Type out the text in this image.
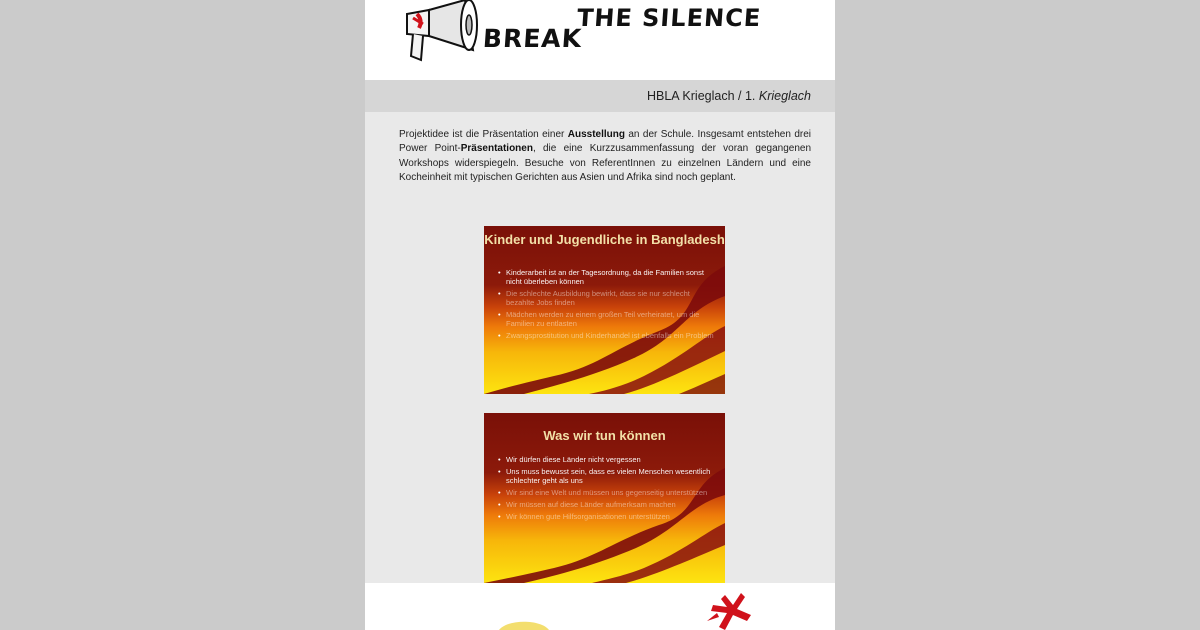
BREAK
THE SILENCE
HBLA Krieglach / 1. Krieglach
Projektidee ist die Präsentation einer Ausstellung an der Schule. Insgesamt entstehen drei Power Point-Präsentationen, die eine Kurzzusammenfassung der voran gegangenen Workshops widerspiegeln. Besuche von ReferentInnen zu einzelnen Ländern und eine Kocheinheit mit typischen Gerichten aus Asien und Afrika sind noch geplant.
Kinder und Jugendliche in Bangladesh
• Kinderarbeit ist an der Tagesordnung, da die Familien sonst nicht überleben können
• Die schlechte Ausbildung bewirkt, dass sie nur schlecht bezahlte Jobs finden
• Mädchen werden zu einem großen Teil verheiratet, um die Familien zu entlasten
• Zwangsprostitution und Kinderhandel ist ebenfalls ein Problem
Was wir tun können
• Wir dürfen diese Länder nicht vergessen
• Uns muss bewusst sein, dass es vielen Menschen wesentlich schlechter geht als uns
• Wir sind eine Welt und müssen uns gegenseitig unterstützen
• Wir müssen auf diese Länder aufmerksam machen
• Wir können gute Hilfsorganisationen unterstützen
